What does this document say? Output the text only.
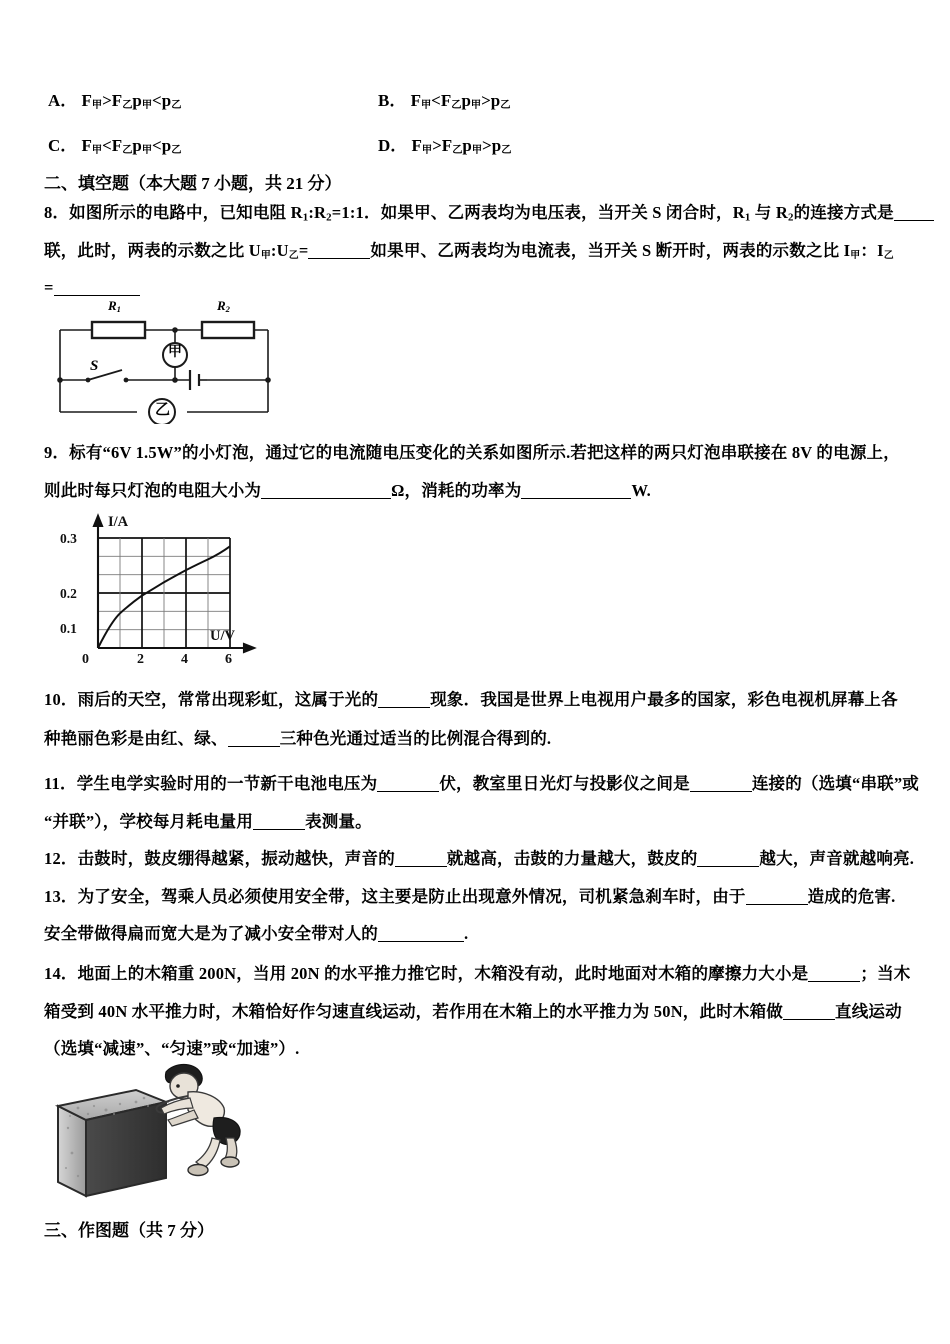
A． F甲>F乙p甲<p乙	B． F甲<F乙p甲>p乙
C． F甲<F乙p甲<p乙	D． F甲>F乙p甲>p乙
二、填空题（本大题 7 小题，共 21 分）
8．如图所示的电路中，已知电阻 $R_1:R_2=1:1$．如果甲、乙两表均为电压表，当开关 S 闭合时，$R_1$ 与 $R_2$的连接方式是
联，此时，两表的示数之比 U甲:U乙=	如果甲、乙两表均为电流表，当开关 S 断开时，两表的示数之比 I甲：I乙
=
$R_1$	$R_2$
甲
乙
S
9．标有“6V 1.5W”的小灯泡，通过它的电流随电压变化的关系如图所示.若把这样的两只灯泡串联接在 8V 的电源上，
则此时每只灯泡的电阻大小为	Ω，消耗的功率为	W.
0.3
0.2
0.1
0	2	4	6
I/A
U/V
10．雨后的天空，常常出现彩虹，这属于光的	现象．我国是世界上电视用户最多的国家，彩色电视机屏幕上各
种艳丽色彩是由红、绿、	三种色光通过适当的比例混合得到的.
11．学生电学实验时用的一节新干电池电压为	伏，教室里日光灯与投影仪之间是	连接的（选填“串联”或
“并联”），学校每月耗电量用	表测量。
12．击鼓时，鼓皮绷得越紧，振动越快，声音的	就越高，击鼓的力量越大，鼓皮的	越大，声音就越响亮.
13．为了安全，驾乘人员必须使用安全带，这主要是防止出现意外情况，司机紧急刹车时，由于	造成的危害.
安全带做得扁而宽大是为了减小安全带对人的	.
14．地面上的木箱重 200N，当用 20N 的水平推力推它时，木箱没有动，此时地面对木箱的摩擦力大小是	；当木
箱受到 40N 水平推力时，木箱恰好作匀速直线运动，若作用在木箱上的水平推力为 50N，此时木箱做	直线运动
（选填“减速”、“匀速”或“加速”）.
三、作图题（共 7 分）
